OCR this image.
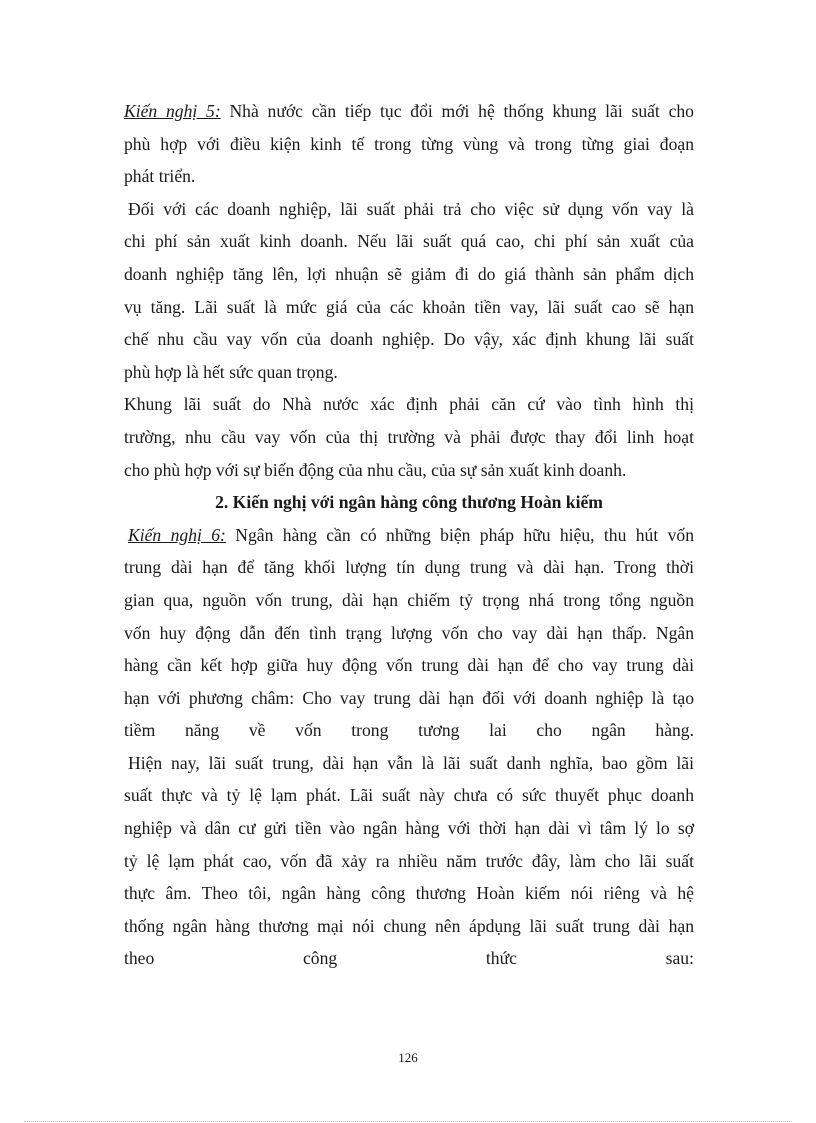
Kiến nghị 5: Nhà nước cần tiếp tục đổi mới hệ thống khung lãi suất cho
phù hợp với điều kiện kinh tế trong từng vùng và trong từng giai đoạn
phát triển.
Đối với các doanh nghiệp, lãi suất phải trả cho việc sử dụng vốn vay là
chi phí sản xuất kinh doanh. Nếu lãi suất quá cao, chi phí sản xuất của
doanh nghiệp tăng lên, lợi nhuận sẽ giảm đi do giá thành sản phẩm dịch
vụ tăng. Lãi suất là mức giá của các khoản tiền vay, lãi suất cao sẽ hạn
chế nhu cầu vay vốn của doanh nghiệp. Do vậy, xác định khung lãi suất
phù hợp là hết sức quan trọng.
Khung lãi suất do Nhà nước xác định phải căn cứ vào tình hình thị
trường, nhu cầu vay vốn của thị trường và phải được thay đổi linh hoạt
cho phù hợp với sự biến động của nhu cầu, của sự sản xuất kinh doanh.
2. Kiến nghị với ngân hàng công thương Hoàn kiếm
Kiến nghị 6: Ngân hàng cần có những biện pháp hữu hiệu, thu hút vốn
trung dài hạn để tăng khối lượng tín dụng trung và dài hạn. Trong thời
gian qua, nguồn vốn trung, dài hạn chiếm tỷ trọng nhá trong tổng nguồn
vốn huy động dẫn đến tình trạng lượng vốn cho vay dài hạn thấp. Ngân
hàng cần kết hợp giữa huy động vốn trung dài hạn để cho vay trung dài
hạn với phương châm: Cho vay trung dài hạn đối với doanh nghiệp là tạo
tiềm năng về vốn trong tương lai cho ngân hàng.
Hiện nay, lãi suất trung, dài hạn vẫn là lãi suất danh nghĩa, bao gồm lãi
suất thực và tỷ lệ lạm phát. Lãi suất này chưa có sức thuyết phục doanh
nghiệp và dân cư gửi tiền vào ngân hàng với thời hạn dài vì tâm lý lo sợ
tỷ lệ lạm phát cao, vốn đã xảy ra nhiều năm trước đây, làm cho lãi suất
thực âm. Theo tôi, ngân hàng công thương Hoàn kiếm nói riêng và hệ
thống ngân hàng thương mại nói chung nên ápdụng lãi suất trung dài hạn
theo công thức sau:
126
